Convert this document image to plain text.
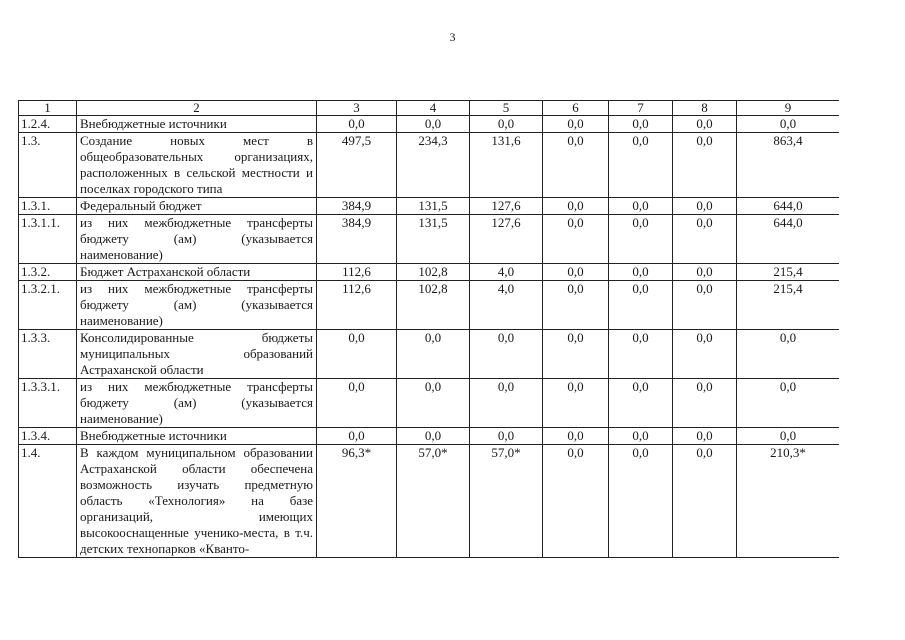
3
1	2	3	4	5	6	7	8	9
1.2.4.	Внебюджетные источники	0,0	0,0	0,0	0,0	0,0	0,0	0,0
1.3.	Создание новых мест в общеобразовательных организациях, расположенных в сельской местности и поселках городского типа	497,5	234,3	131,6	0,0	0,0	0,0	863,4
1.3.1.	Федеральный бюджет	384,9	131,5	127,6	0,0	0,0	0,0	644,0
1.3.1.1.	из них межбюджетные трансферты бюджету (ам) (указывается наименование)	384,9	131,5	127,6	0,0	0,0	0,0	644,0
1.3.2.	Бюджет Астраханской области	112,6	102,8	4,0	0,0	0,0	0,0	215,4
1.3.2.1.	из них межбюджетные трансферты бюджету (ам) (указывается наименование)	112,6	102,8	4,0	0,0	0,0	0,0	215,4
1.3.3.	Консолидированные бюджеты муниципальных образований Астраханской области	0,0	0,0	0,0	0,0	0,0	0,0	0,0
1.3.3.1.	из них межбюджетные трансферты бюджету (ам) (указывается наименование)	0,0	0,0	0,0	0,0	0,0	0,0	0,0
1.3.4.	Внебюджетные источники	0,0	0,0	0,0	0,0	0,0	0,0	0,0
1.4.	В каждом муниципальном образовании Астраханской области обеспечена возможность изучать предметную область «Технология» на базе организаций, имеющих высокооснащенные ученико-места, в т.ч. детских технопарков «Кванто-	96,3*	57,0*	57,0*	0,0	0,0	0,0	210,3*
